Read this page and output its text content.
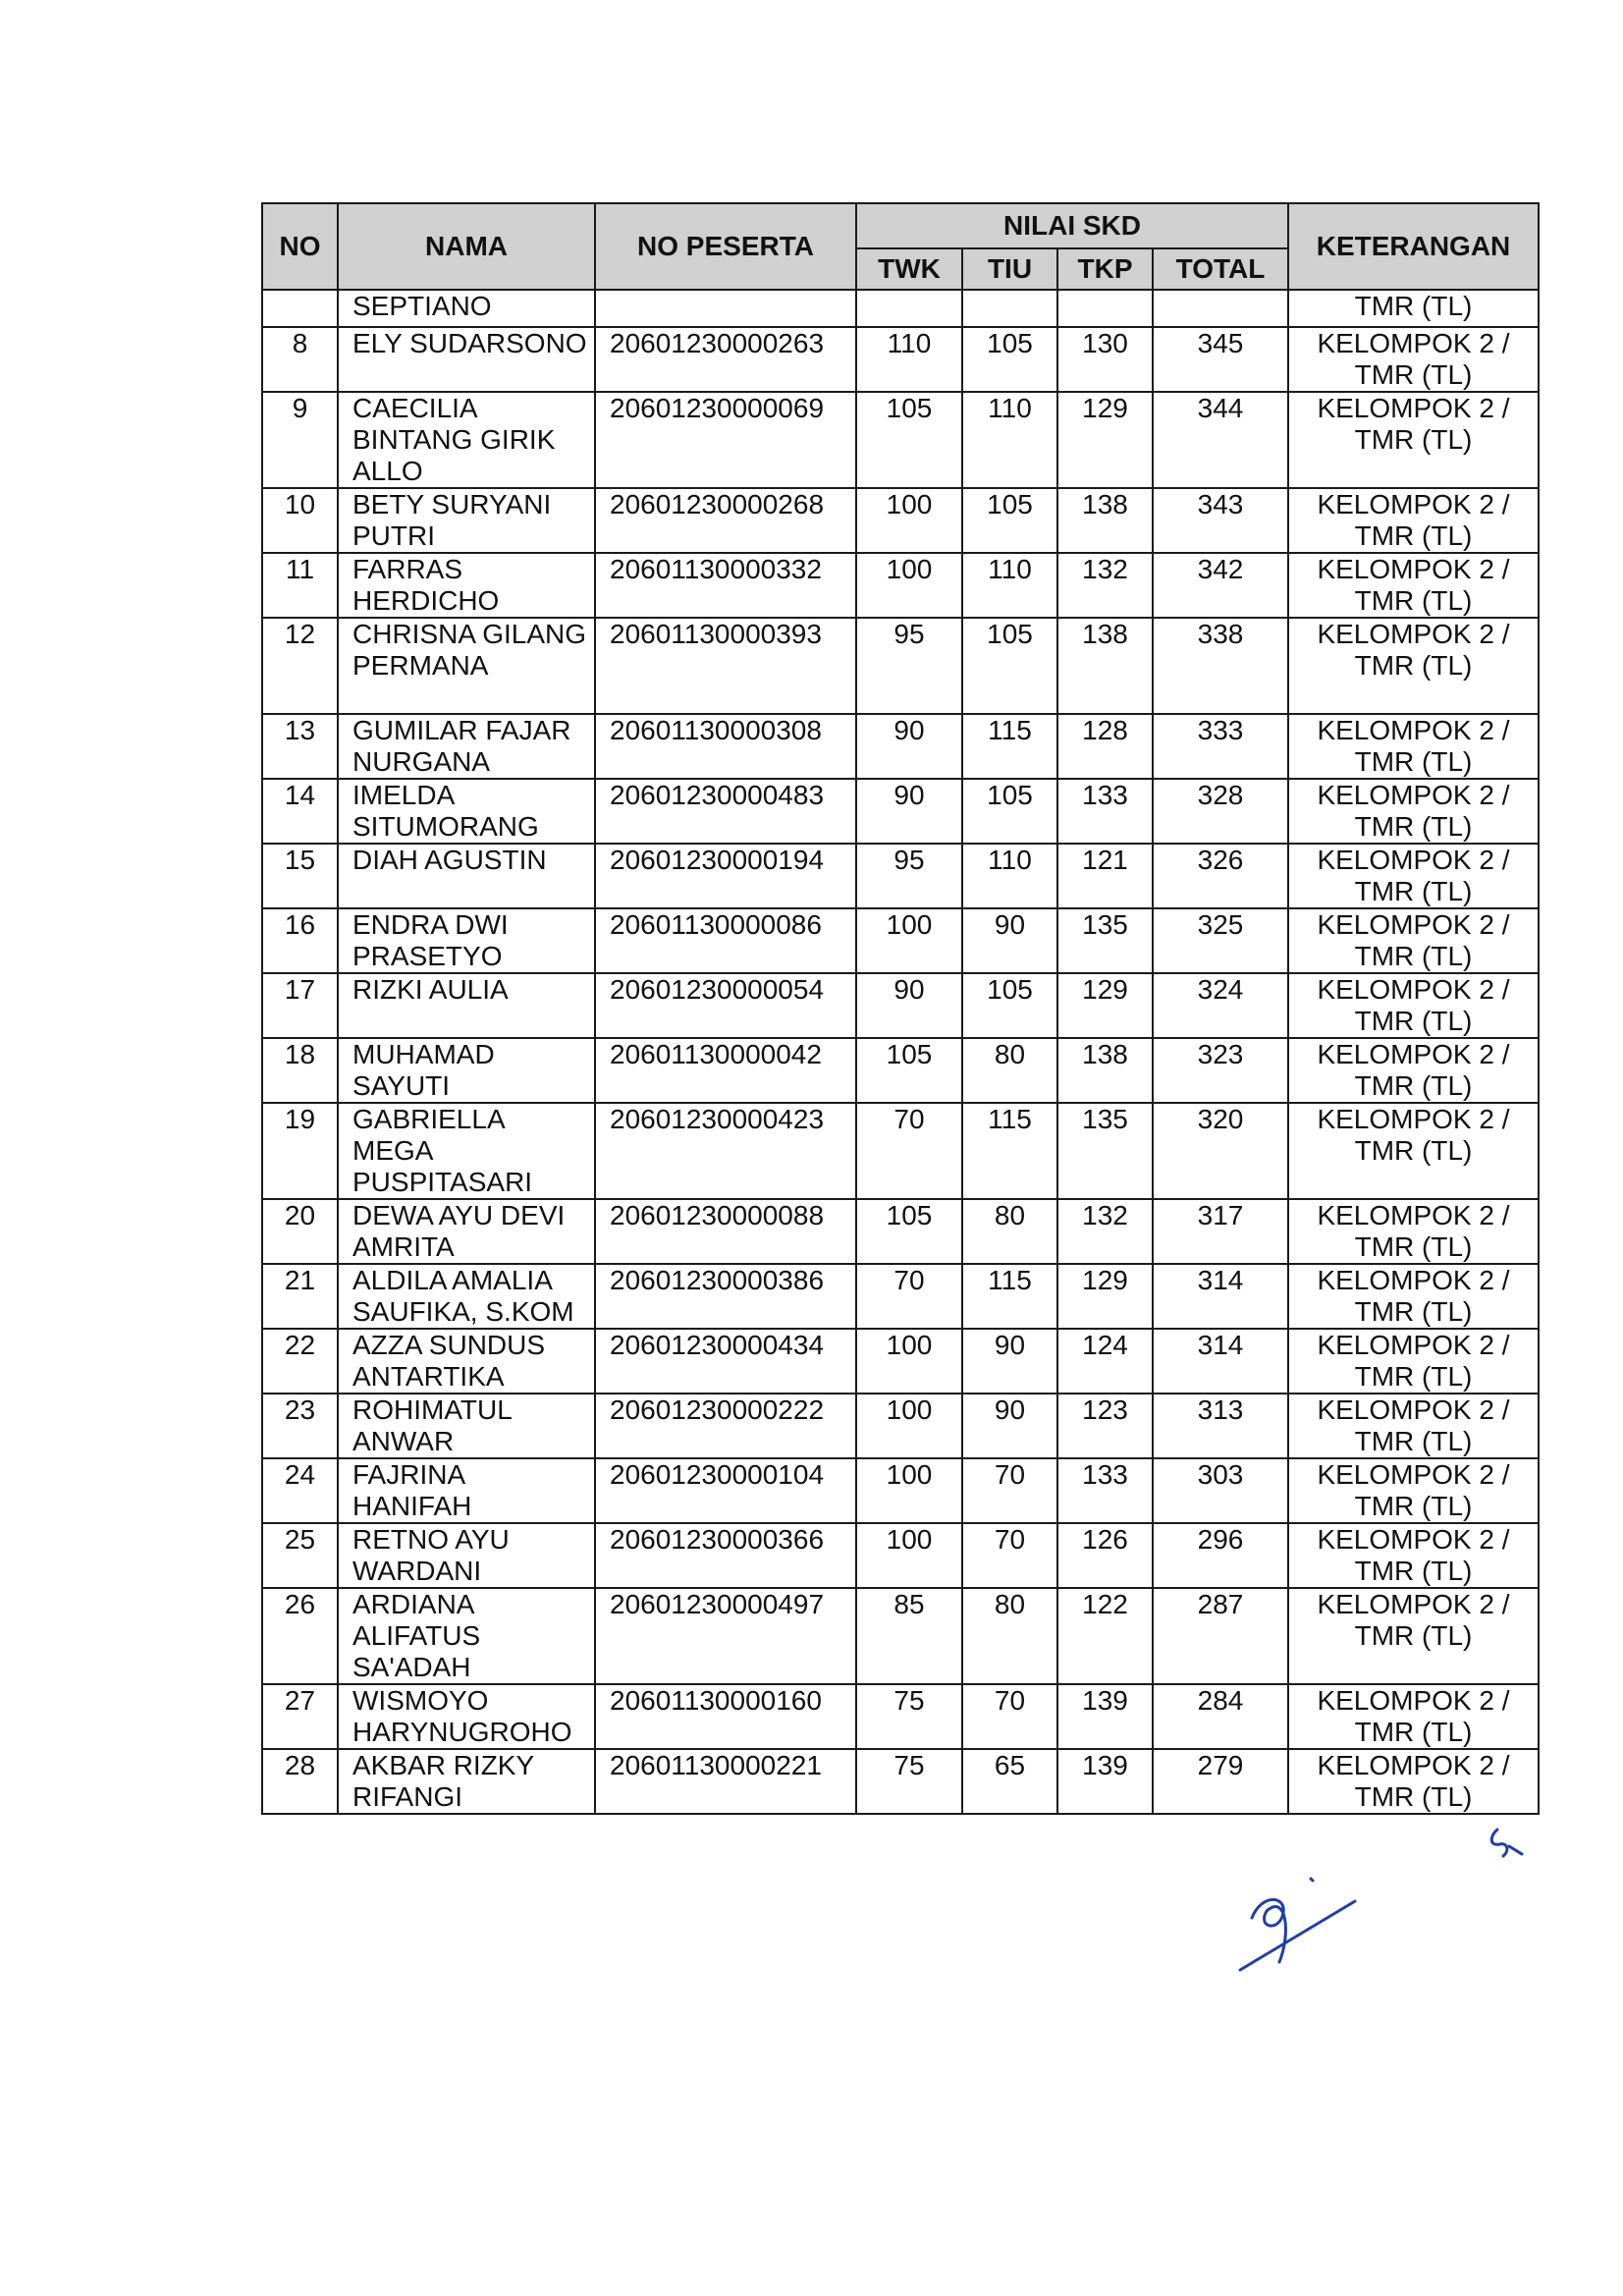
NO	NAMA	NO PESERTA	NILAI SKD				KETERANGAN
			TWK	TIU	TKP	TOTAL	
	SEPTIANO						TMR (TL)
8	ELY SUDARSONO	20601230000263	110	105	130	345	KELOMPOK 2 / TMR (TL)
9	CAECILIA BINTANG GIRIK ALLO	20601230000069	105	110	129	344	KELOMPOK 2 / TMR (TL)
10	BETY SURYANI PUTRI	20601230000268	100	105	138	343	KELOMPOK 2 / TMR (TL)
11	FARRAS HERDICHO	20601130000332	100	110	132	342	KELOMPOK 2 / TMR (TL)
12	CHRISNA GILANG PERMANA	20601130000393	95	105	138	338	KELOMPOK 2 / TMR (TL)
13	GUMILAR FAJAR NURGANA	20601130000308	90	115	128	333	KELOMPOK 2 / TMR (TL)
14	IMELDA SITUMORANG	20601230000483	90	105	133	328	KELOMPOK 2 / TMR (TL)
15	DIAH AGUSTIN	20601230000194	95	110	121	326	KELOMPOK 2 / TMR (TL)
16	ENDRA DWI PRASETYO	20601130000086	100	90	135	325	KELOMPOK 2 / TMR (TL)
17	RIZKI AULIA	20601230000054	90	105	129	324	KELOMPOK 2 / TMR (TL)
18	MUHAMAD SAYUTI	20601130000042	105	80	138	323	KELOMPOK 2 / TMR (TL)
19	GABRIELLA MEGA PUSPITASARI	20601230000423	70	115	135	320	KELOMPOK 2 / TMR (TL)
20	DEWA AYU DEVI AMRITA	20601230000088	105	80	132	317	KELOMPOK 2 / TMR (TL)
21	ALDILA AMALIA SAUFIKA, S.KOM	20601230000386	70	115	129	314	KELOMPOK 2 / TMR (TL)
22	AZZA SUNDUS ANTARTIKA	20601230000434	100	90	124	314	KELOMPOK 2 / TMR (TL)
23	ROHIMATUL ANWAR	20601230000222	100	90	123	313	KELOMPOK 2 / TMR (TL)
24	FAJRINA HANIFAH	20601230000104	100	70	133	303	KELOMPOK 2 / TMR (TL)
25	RETNO AYU WARDANI	20601230000366	100	70	126	296	KELOMPOK 2 / TMR (TL)
26	ARDIANA ALIFATUS SA'ADAH	20601230000497	85	80	122	287	KELOMPOK 2 / TMR (TL)
27	WISMOYO HARYNUGROHO	20601130000160	75	70	139	284	KELOMPOK 2 / TMR (TL)
28	AKBAR RIZKY RIFANGI	20601130000221	75	65	139	279	KELOMPOK 2 / TMR (TL)
